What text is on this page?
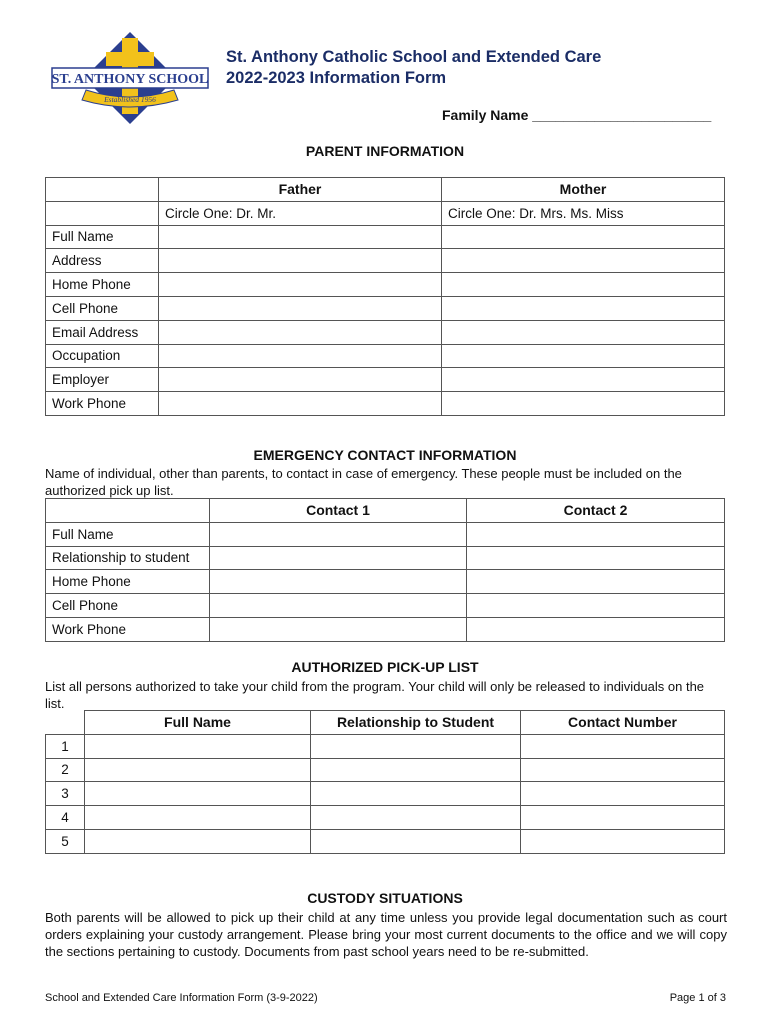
ST. ANTHONY SCHOOL
Established 1956
St. Anthony Catholic School and Extended Care
2022-2023 Information Form
Family Name _______________________
PARENT INFORMATION
	Father	Mother
	Circle One: Dr. Mr.	Circle One: Dr. Mrs. Ms. Miss
Full Name		
Address		
Home Phone		
Cell Phone		
Email Address		
Occupation		
Employer		
Work Phone		
EMERGENCY CONTACT INFORMATION
Name of individual, other than parents, to contact in case of emergency. These people must be included on the authorized pick up list.
	Contact 1	Contact 2
Full Name		
Relationship to student		
Home Phone		
Cell Phone		
Work Phone		
AUTHORIZED PICK-UP LIST
List all persons authorized to take your child from the program. Your child will only be released to individuals on the list.
	Full Name	Relationship to Student	Contact Number
1			
2			
3			
4			
5			
CUSTODY SITUATIONS
Both parents will be allowed to pick up their child at any time unless you provide legal documentation such as court orders explaining your custody arrangement. Please bring your most current documents to the office and we will copy the sections pertaining to custody. Documents from past school years need to be re-submitted.
School and Extended Care Information Form (3-9-2022)	Page 1 of 3
